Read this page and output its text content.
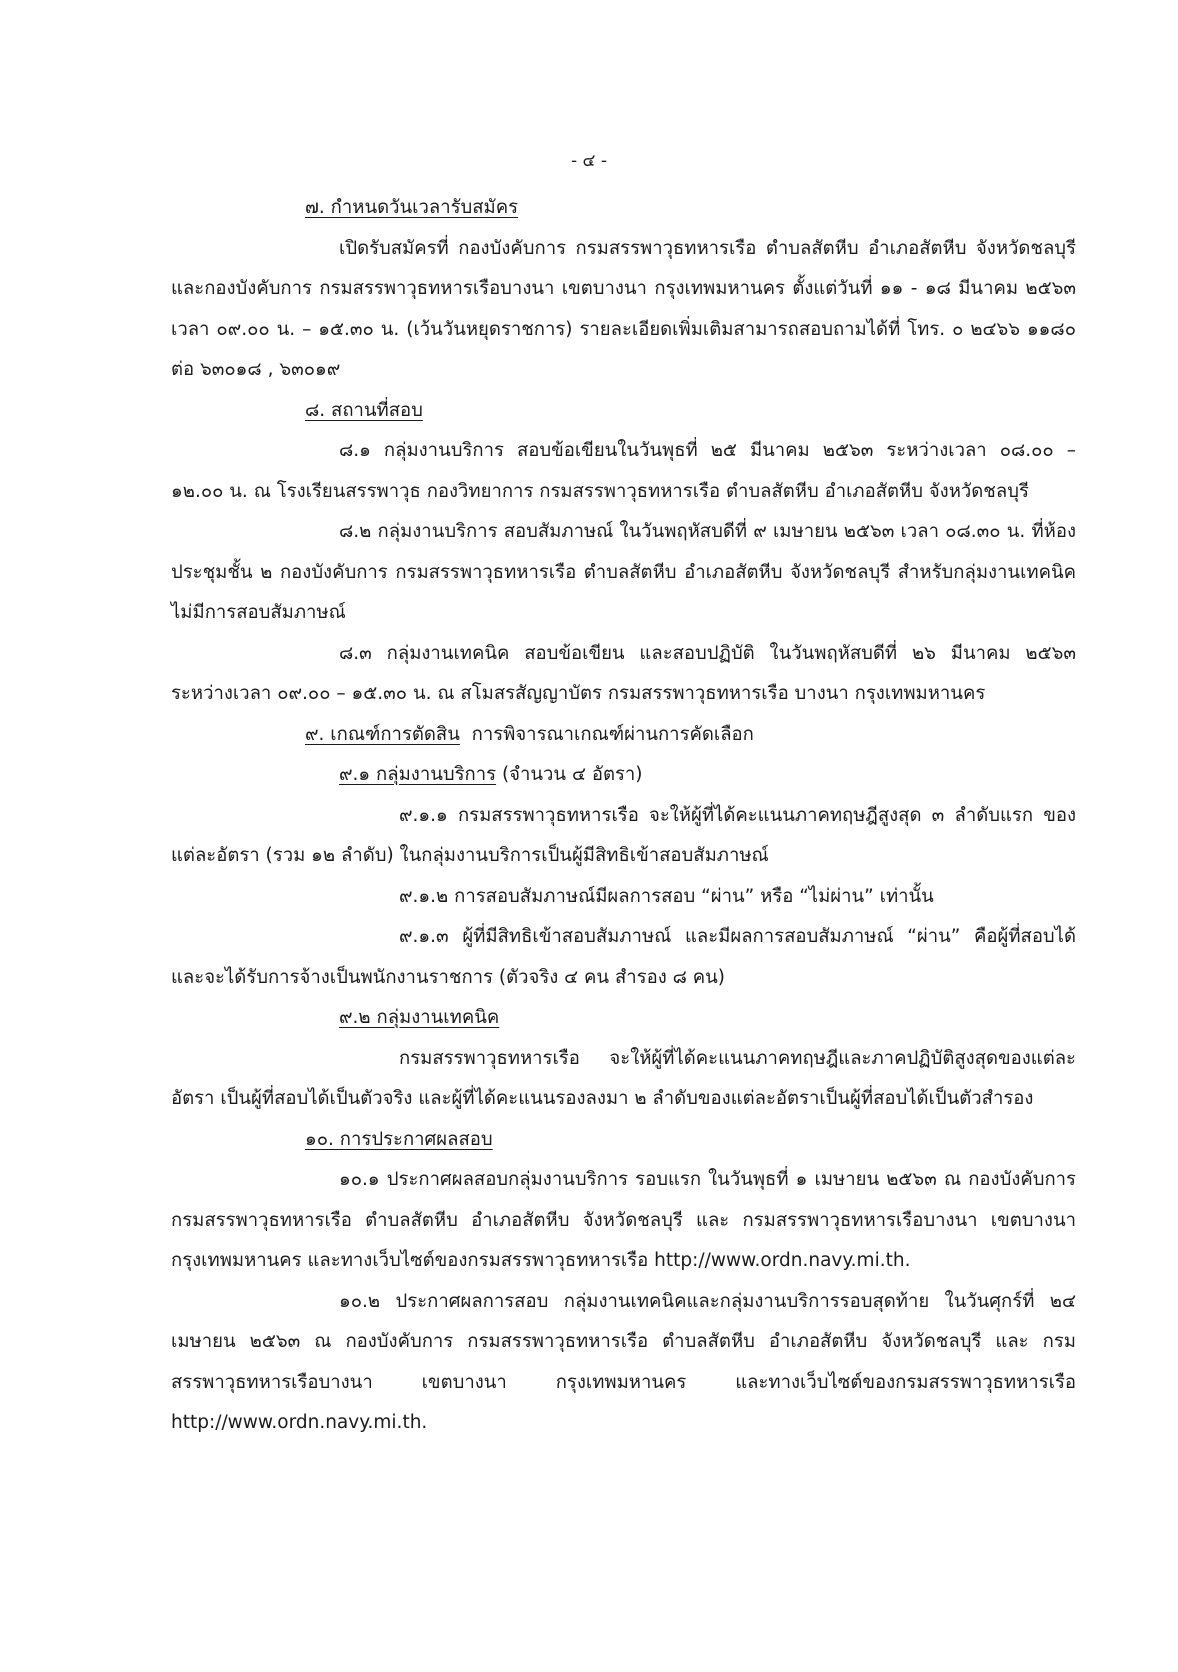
- ๔ -

๗. กำหนดวันเวลารับสมัคร

เปิดรับสมัครที่ กองบังคับการ กรมสรรพาวุธทหารเรือ ตำบลสัตหีบ อำเภอสัตหีบ จังหวัดชลบุรี และกองบังคับการ กรมสรรพาวุธทหารเรือบางนา เขตบางนา กรุงเทพมหานคร ตั้งแต่วันที่ ๑๑ - ๑๘ มีนาคม ๒๕๖๓ เวลา ๐๙.๐๐ น. – ๑๕.๓๐ น. (เว้นวันหยุดราชการ) รายละเอียดเพิ่มเติมสามารถสอบถามได้ที่ โทร. ๐ ๒๔๖๖ ๑๑๘๐ ต่อ ๖๓๐๑๘ , ๖๓๐๑๙

๘. สถานที่สอบ

๘.๑ กลุ่มงานบริการ สอบข้อเขียนในวันพุธที่ ๒๕ มีนาคม ๒๕๖๓ ระหว่างเวลา ๐๘.๐๐ – ๑๒.๐๐ น. ณ โรงเรียนสรรพาวุธ กองวิทยาการ กรมสรรพาวุธทหารเรือ ตำบลสัตหีบ อำเภอสัตหีบ จังหวัดชลบุรี

๘.๒ กลุ่มงานบริการ สอบสัมภาษณ์ ในวันพฤหัสบดีที่ ๙ เมษายน ๒๕๖๓ เวลา ๐๘.๓๐ น. ที่ห้องประชุมชั้น ๒ กองบังคับการ กรมสรรพาวุธทหารเรือ ตำบลสัตหีบ อำเภอสัตหีบ จังหวัดชลบุรี สำหรับกลุ่มงานเทคนิคไม่มีการสอบสัมภาษณ์

๘.๓ กลุ่มงานเทคนิค สอบข้อเขียน และสอบปฏิบัติ ในวันพฤหัสบดีที่ ๒๖ มีนาคม ๒๕๖๓ ระหว่างเวลา ๐๙.๐๐ – ๑๕.๓๐ น. ณ สโมสรสัญญาบัตร กรมสรรพาวุธทหารเรือ บางนา กรุงเทพมหานคร

๙. เกณฑ์การตัดสิน การพิจารณาเกณฑ์ผ่านการคัดเลือก

๙.๑ กลุ่มงานบริการ (จำนวน ๔ อัตรา)

๙.๑.๑ กรมสรรพาวุธทหารเรือ จะให้ผู้ที่ได้คะแนนภาคทฤษฎีสูงสุด ๓ ลำดับแรก ของแต่ละอัตรา (รวม ๑๒ ลำดับ) ในกลุ่มงานบริการเป็นผู้มีสิทธิเข้าสอบสัมภาษณ์

๙.๑.๒ การสอบสัมภาษณ์มีผลการสอบ “ผ่าน” หรือ “ไม่ผ่าน” เท่านั้น

๙.๑.๓ ผู้ที่มีสิทธิเข้าสอบสัมภาษณ์ และมีผลการสอบสัมภาษณ์ “ผ่าน” คือผู้ที่สอบได้ และจะได้รับการจ้างเป็นพนักงานราชการ (ตัวจริง ๔ คน สำรอง ๘ คน)

๙.๒ กลุ่มงานเทคนิค

กรมสรรพาวุธทหารเรือ จะให้ผู้ที่ได้คะแนนภาคทฤษฎีและภาคปฏิบัติสูงสุดของแต่ละอัตรา เป็นผู้ที่สอบได้เป็นตัวจริง และผู้ที่ได้คะแนนรองลงมา ๒ ลำดับของแต่ละอัตราเป็นผู้ที่สอบได้เป็นตัวสำรอง

๑๐. การประกาศผลสอบ

๑๐.๑ ประกาศผลสอบกลุ่มงานบริการ รอบแรก ในวันพุธที่ ๑ เมษายน ๒๕๖๓ ณ กองบังคับการ กรมสรรพาวุธทหารเรือ ตำบลสัตหีบ อำเภอสัตหีบ จังหวัดชลบุรี และ กรมสรรพาวุธทหารเรือบางนา เขตบางนา กรุงเทพมหานคร และทางเว็บไซต์ของกรมสรรพาวุธทหารเรือ http://www.ordn.navy.mi.th.

๑๐.๒ ประกาศผลการสอบ กลุ่มงานเทคนิคและกลุ่มงานบริการรอบสุดท้าย ในวันศุกร์ที่ ๒๔ เมษายน ๒๕๖๓ ณ กองบังคับการ กรมสรรพาวุธทหารเรือ ตำบลสัตหีบ อำเภอสัตหีบ จังหวัดชลบุรี และ กรมสรรพาวุธทหารเรือบางนา เขตบางนา กรุงเทพมหานคร และทางเว็บไซต์ของกรมสรรพาวุธทหารเรือ http://www.ordn.navy.mi.th.
